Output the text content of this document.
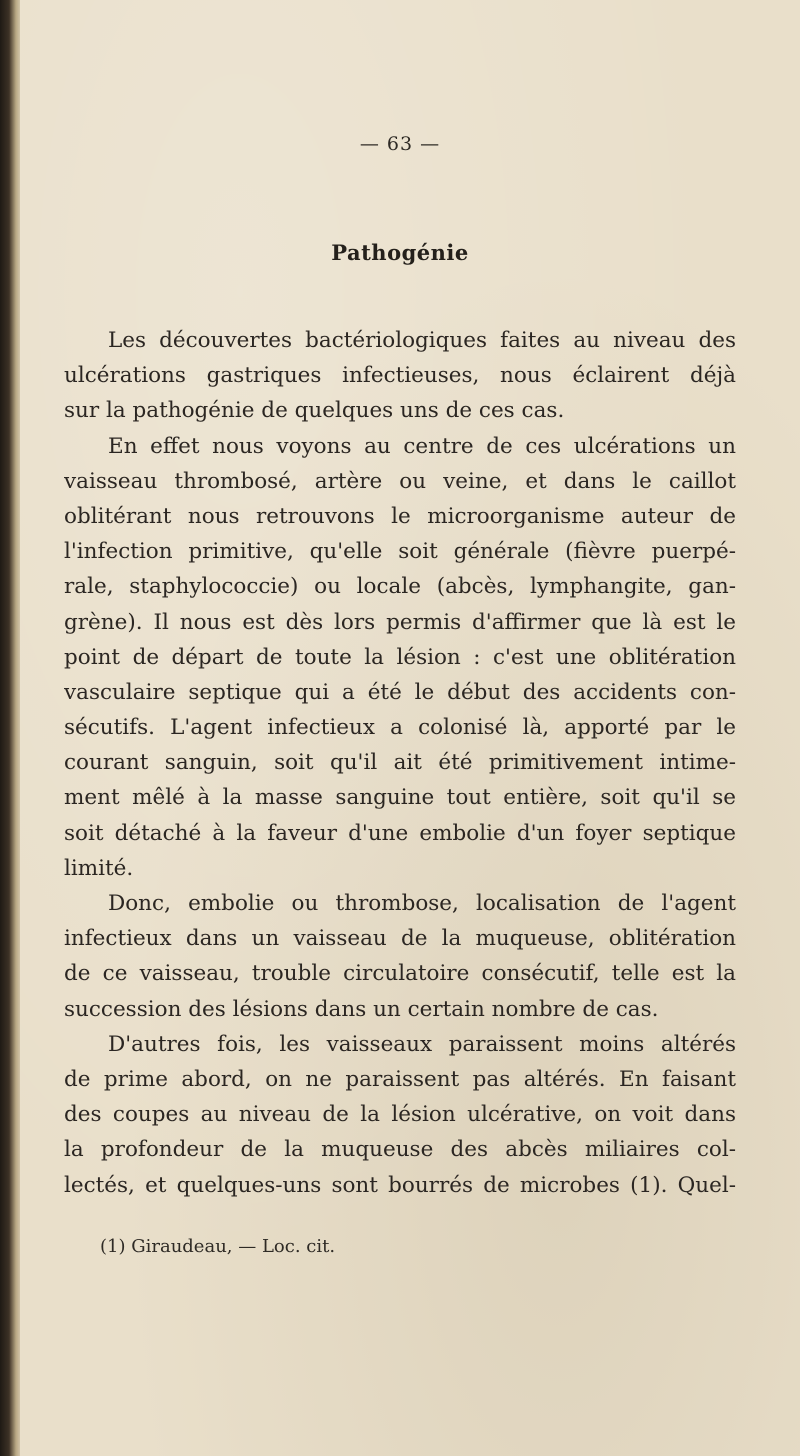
— 63 —
Pathogénie
Les découvertes bactériologiques faites au niveau des
ulcérations gastriques infectieuses, nous éclairent déjà
sur la pathogénie de quelques uns de ces cas.
En effet nous voyons au centre de ces ulcérations un
vaisseau thrombosé, artère ou veine, et dans le caillot
oblitérant nous retrouvons le microorganisme auteur de
l'infection primitive, qu'elle soit générale (fièvre puerpé-
rale, staphylococcie) ou locale (abcès, lymphangite, gan-
grène). Il nous est dès lors permis d'affirmer que là est le
point de départ de toute la lésion : c'est une oblitération
vasculaire septique qui a été le début des accidents con-
sécutifs. L'agent infectieux a colonisé là, apporté par le
courant sanguin, soit qu'il ait été primitivement intime-
ment mêlé à la masse sanguine tout entière, soit qu'il se
soit détaché à la faveur d'une embolie d'un foyer septique
limité.
Donc, embolie ou thrombose, localisation de l'agent
infectieux dans un vaisseau de la muqueuse, oblitération
de ce vaisseau, trouble circulatoire consécutif, telle est la
succession des lésions dans un certain nombre de cas.
D'autres fois, les vaisseaux paraissent moins altérés
de prime abord, on ne paraissent pas altérés. En faisant
des coupes au niveau de la lésion ulcérative, on voit dans
la profondeur de la muqueuse des abcès miliaires col-
lectés, et quelques-uns sont bourrés de microbes (1). Quel-
(1) Giraudeau, — Loc. cit.
